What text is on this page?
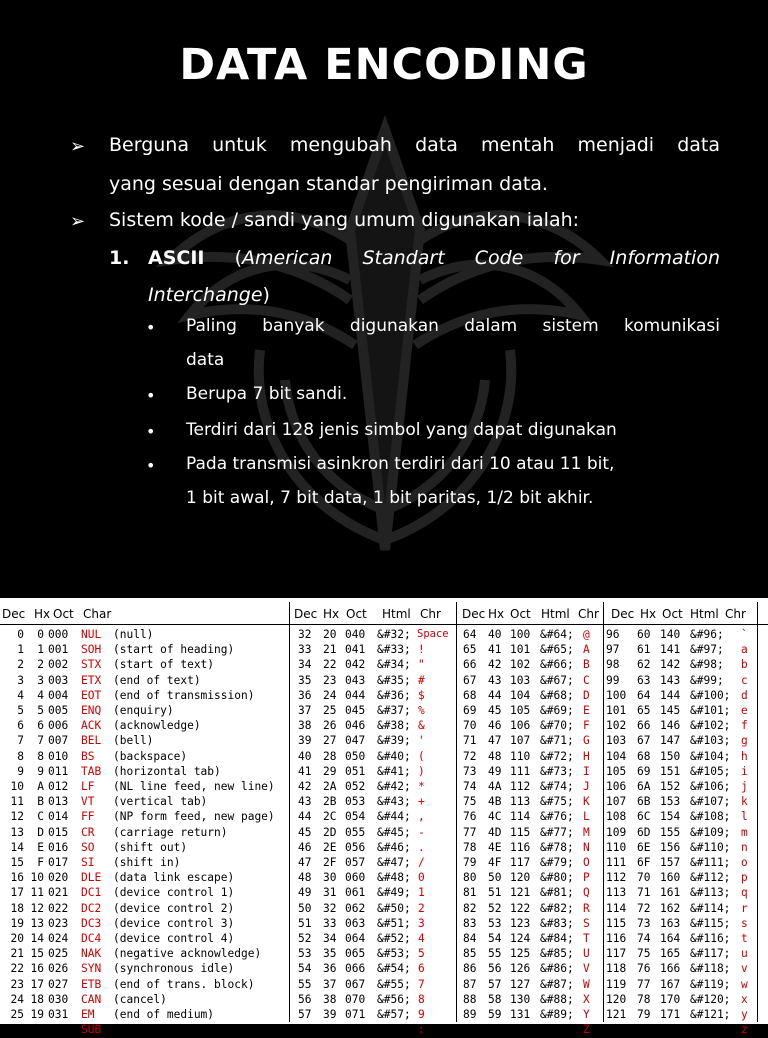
DATA ENCODING
➢ Berguna untuk mengubah data mentah menjadi data
yang sesuai dengan standar pengiriman data.
➢ Sistem kode / sandi yang umum digunakan ialah:
1. ASCII (American Standart Code for Information
Interchange)
• Paling banyak digunakan dalam sistem komunikasi
data
• Berupa 7 bit sandi.
• Terdiri dari 128 jenis simbol yang dapat digunakan
• Pada transmisi asinkron terdiri dari 10 atau 11 bit,
1 bit awal, 7 bit data, 1 bit paritas, 1/2 bit akhir.
Dec Hx Oct Char	Dec Hx Oct Html Chr Dec Hx Oct Html Chr Dec Hx Oct Html Chr
0	0 000 NUL (null)	32 20 040 &#32; Space 64 40 100 &#64; @ 96 60 140 &#96; `
1	1 001 SOH (start of heading)	33 21 041 &#33; !	65 41 101 &#65; A 97 61 141 &#97; a
2	2 002 STX (start of text)	34 22 042 &#34; "	66 42 102 &#66; B 98 62 142 &#98; b
3	3 003 ETX (end of text)	35 23 043 &#35; #	67 43 103 &#67; C 99 63 143 &#99; c
4	4 004 EOT (end of transmission)	36 24 044 &#36; $	68 44 104 &#68; D 100 64 144 &#100; d
5	5 005 ENQ (enquiry)	37 25 045 &#37; %	69 45 105 &#69; E 101 65 145 &#101; e
6	6 006 ACK (acknowledge)	38 26 046 &#38; &	70 46 106 &#70; F 102 66 146 &#102; f
7	7 007 BEL (bell)	39 27 047 &#39; '	71 47 107 &#71; G 103 67 147 &#103; g
8	8 010 BS (backspace)	40 28 050 &#40; (	72 48 110 &#72; H 104 68 150 &#104; h
9	9 011 TAB (horizontal tab)	41 29 051 &#41; )	73 49 111 &#73; I 105 69 151 &#105; i
10	A 012 LF (NL line feed, new line) 42 2A 052 &#42; *	74 4A 112 &#74; J 106 6A 152 &#106; j
11	B 013 VT (vertical tab)	43 2B 053 &#43; +	75 4B 113 &#75; K 107 6B 153 &#107; k
12	C 014 FF (NP form feed, new page) 44 2C 054 &#44; ,	76 4C 114 &#76; L 108 6C 154 &#108; l
13	D 015 CR (carriage return)	45 2D 055 &#45; -	77 4D 115 &#77; M 109 6D 155 &#109; m
14	E 016 SO (shift out)	46 2E 056 &#46; .	78 4E 116 &#78; N 110 6E 156 &#110; n
15	F 017 SI (shift in)	47 2F 057 &#47; /	79 4F 117 &#79; O 111 6F 157 &#111; o
16 10 020 DLE (data link escape)	48 30 060 &#48; 0	80 50 120 &#80; P 112 70 160 &#112; p
17 11 021 DC1 (device control 1)	49 31 061 &#49; 1	81 51 121 &#81; Q 113 71 161 &#113; q
18 12 022 DC2 (device control 2)	50 32 062 &#50; 2	82 52 122 &#82; R 114 72 162 &#114; r
19 13 023 DC3 (device control 3)	51 33 063 &#51; 3	83 53 123 &#83; S 115 73 163 &#115; s
20 14 024 DC4 (device control 4)	52 34 064 &#52; 4	84 54 124 &#84; T 116 74 164 &#116; t
21 15 025 NAK (negative acknowledge)	53 35 065 &#53; 5	85 55 125 &#85; U 117 75 165 &#117; u
22 16 026 SYN (synchronous idle)	54 36 066 &#54; 6	86 56 126 &#86; V 118 76 166 &#118; v
23 17 027 ETB (end of trans. block)	55 37 067 &#55; 7	87 57 127 &#87; W 119 77 167 &#119; w
24 18 030 CAN (cancel)	56 38 070 &#56; 8	88 58 130 &#88; X 120 78 170 &#120; x
25 19 031 EM (end of medium)	57 39 071 &#57; 9	89 59 131 &#89; Y 121 79 171 &#121; y
26 1A 032 SUB (substitute)	58 3A 072 &#58; :	90 5A 132 &#90; Z 122 7A 172 &#122; z
